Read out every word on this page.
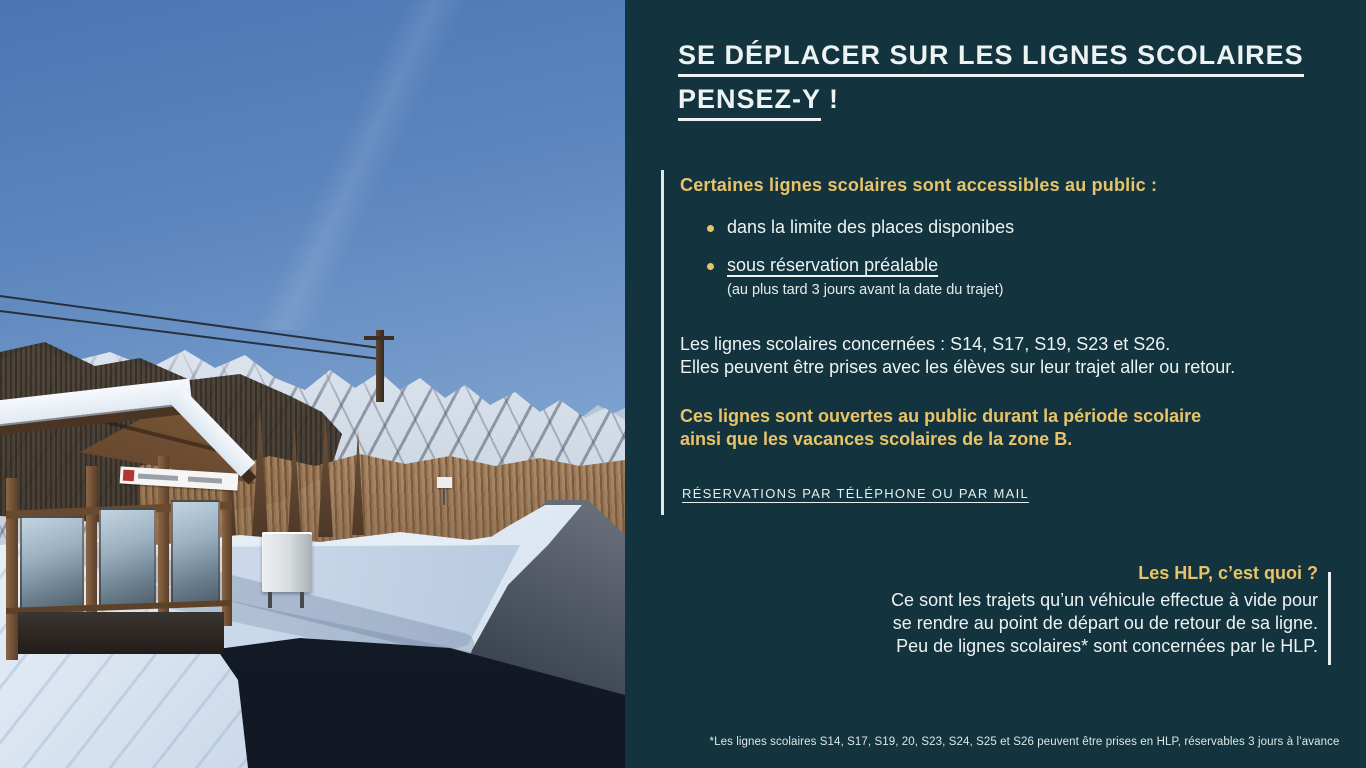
SE DÉPLACER SUR LES LIGNES SCOLAIRES
PENSEZ-Y !
Certaines lignes scolaires sont accessibles au public :
dans la limite des places disponibes
sous réservation préalable
(au plus tard 3 jours avant la date du trajet)
Les lignes scolaires concernées : S14, S17, S19, S23 et S26.
Elles peuvent être prises avec les élèves sur leur trajet aller ou retour.
Ces lignes sont ouvertes au public durant la période scolaire
ainsi que les vacances scolaires de la zone B.
RÉSERVATIONS PAR TÉLÉPHONE OU PAR MAIL
Les HLP, c’est quoi ?
Ce sont les trajets qu’un véhicule effectue à vide pour
se rendre au point de départ ou de retour de sa ligne.
Peu de lignes scolaires* sont concernées par le HLP.
*Les lignes scolaires S14, S17, S19, 20, S23, S24, S25 et S26 peuvent être prises en HLP, réservables 3 jours à l’avance
